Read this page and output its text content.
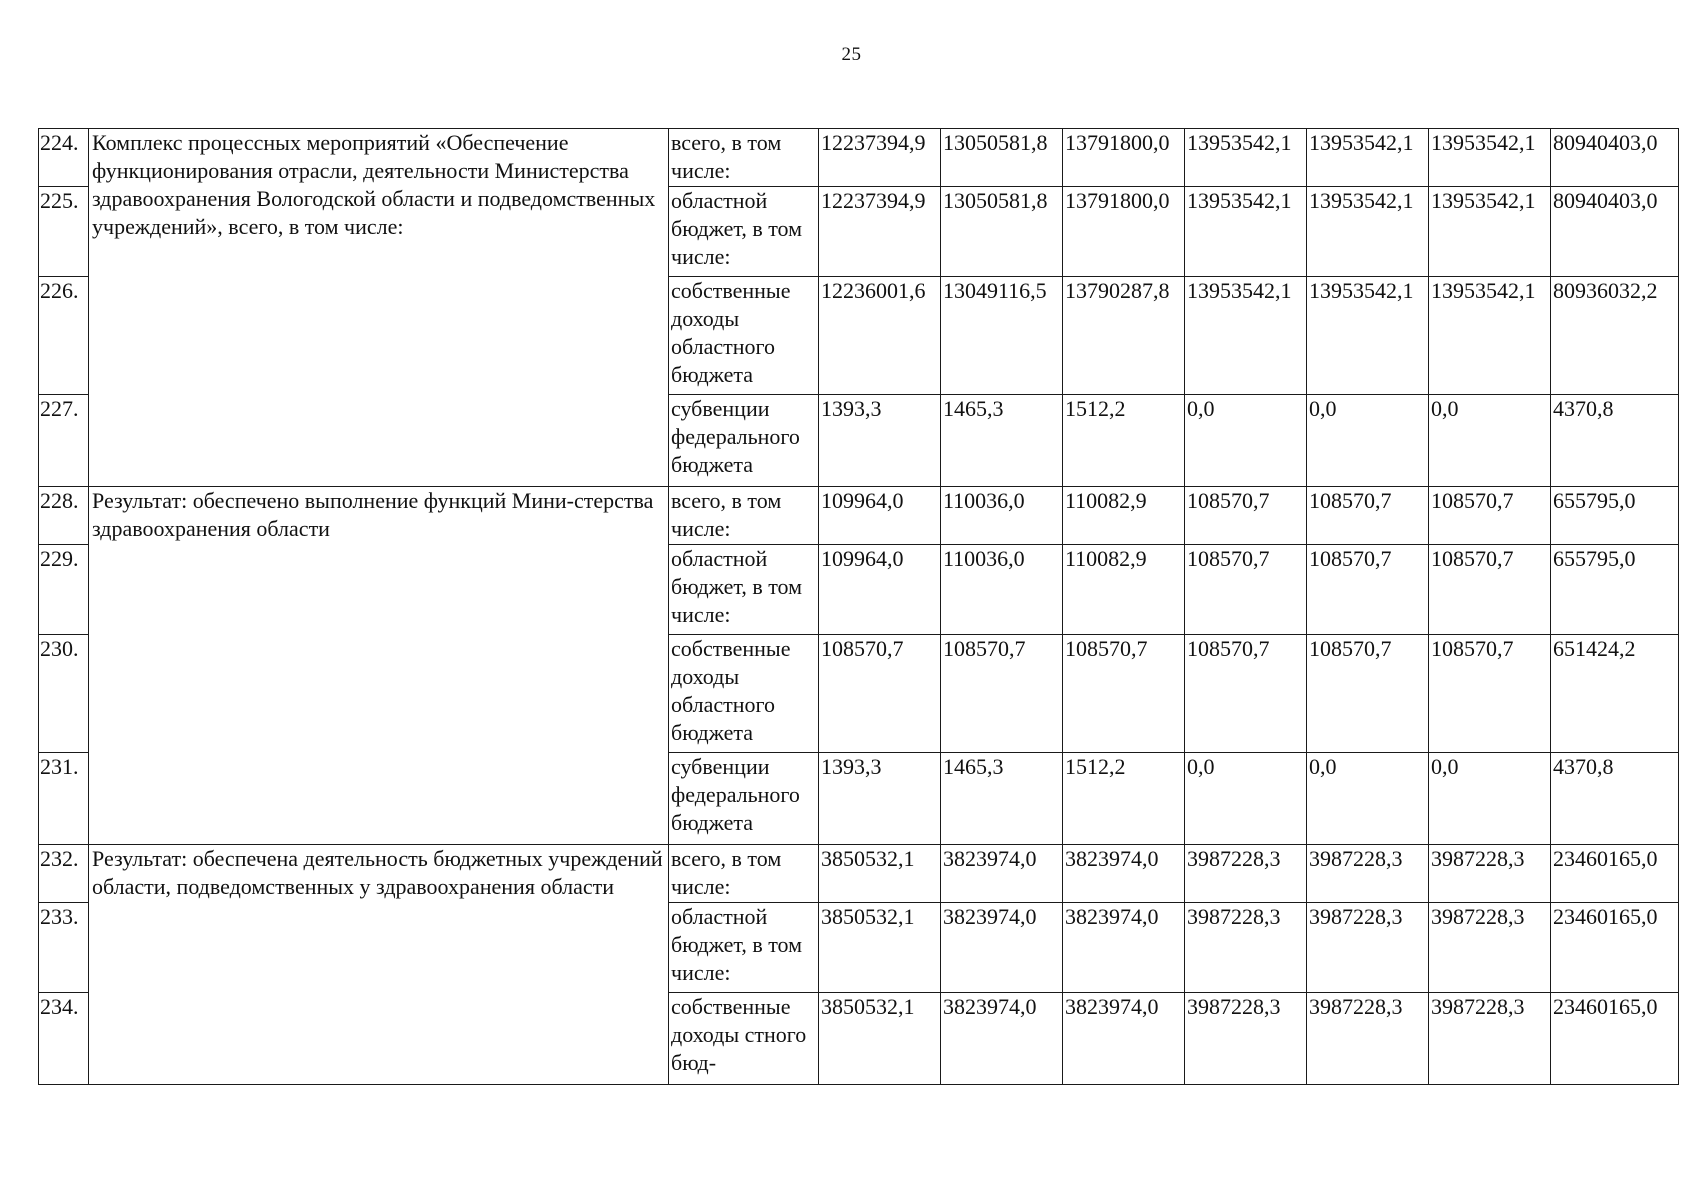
25
224.	Комплекс процессных мероприятий «Обеспечение функционирования отрасли, деятельности Министерства здравоохранения Вологодской области и подведомственных учреждений», всего, в том числе:	всего, в том числе:	12237394,9	13050581,8	13791800,0	13953542,1	13953542,1	13953542,1	80940403,0
225.		областной бюджет, в том числе:	12237394,9	13050581,8	13791800,0	13953542,1	13953542,1	13953542,1	80940403,0
226.		собственные доходы областного бюджета	12236001,6	13049116,5	13790287,8	13953542,1	13953542,1	13953542,1	80936032,2
227.		субвенции федерального бюджета	1393,3	1465,3	1512,2	0,0	0,0	0,0	4370,8
228.	Результат: обеспечено выполнение функций Мини-стерства здравоохранения области	всего, в том числе:	109964,0	110036,0	110082,9	108570,7	108570,7	108570,7	655795,0
229.		областной бюджет, в том числе:	109964,0	110036,0	110082,9	108570,7	108570,7	108570,7	655795,0
230.		собственные доходы областного бюджета	108570,7	108570,7	108570,7	108570,7	108570,7	108570,7	651424,2
231.		субвенции федерального бюджета	1393,3	1465,3	1512,2	0,0	0,0	0,0	4370,8
232.	Результат: обеспечена деятельность бюджетных учреждений области, подведомственных у здравоохранения области	всего, в том числе:	3850532,1	3823974,0	3823974,0	3987228,3	3987228,3	3987228,3	23460165,0
233.		областной бюджет, в том числе:	3850532,1	3823974,0	3823974,0	3987228,3	3987228,3	3987228,3	23460165,0
234.		собственные доходы стного бюд-	3850532,1	3823974,0	3823974,0	3987228,3	3987228,3	3987228,3	23460165,0
